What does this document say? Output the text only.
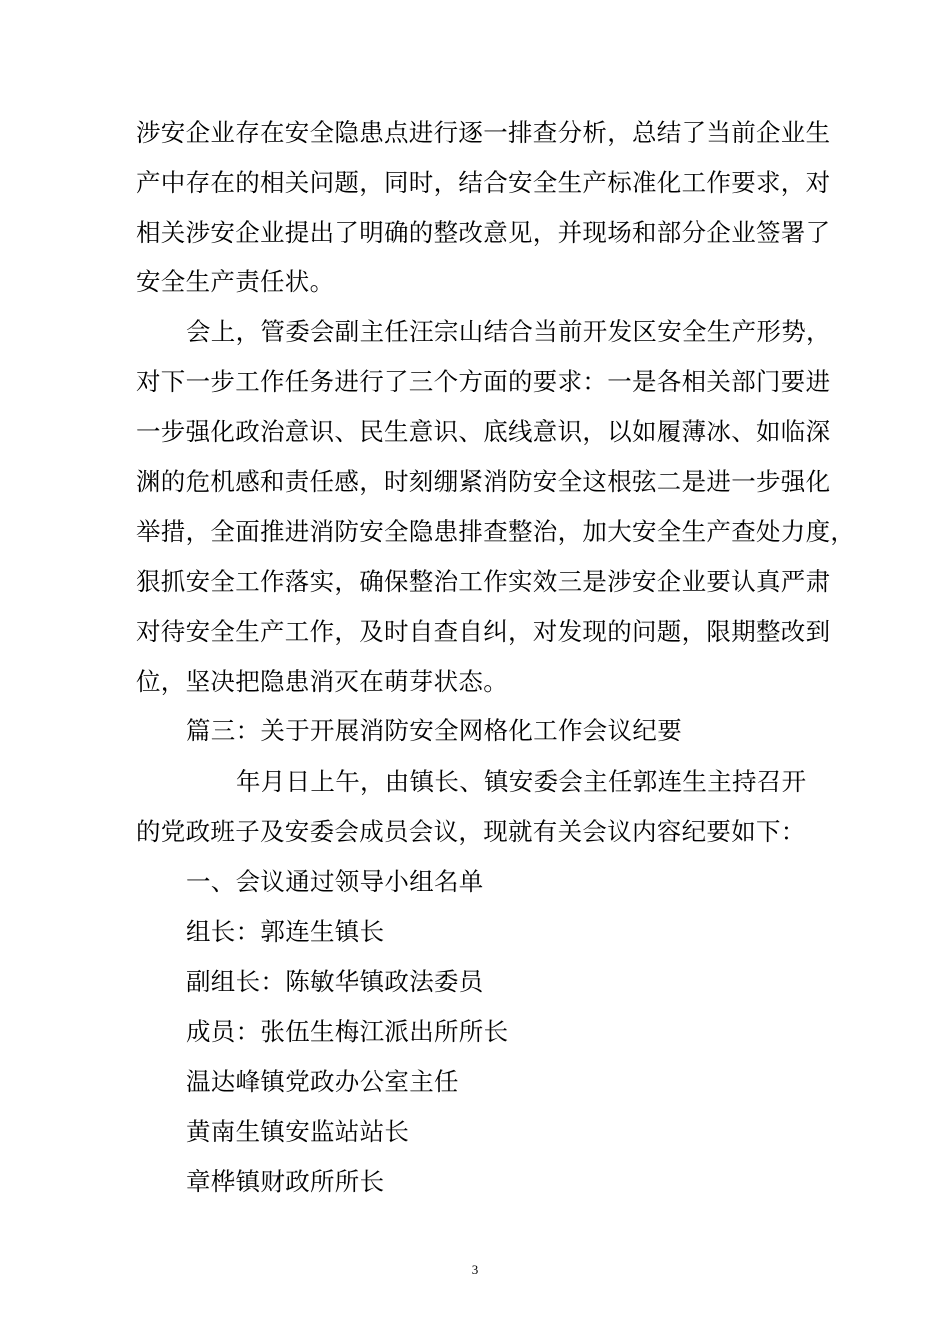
涉安企业存在安全隐患点进行逐一排查分析，总结了当前企业生
产中存在的相关问题，同时，结合安全生产标准化工作要求，对
相关涉安企业提出了明确的整改意见，并现场和部分企业签署了
安全生产责任状。
会上，管委会副主任汪宗山结合当前开发区安全生产形势，
对下一步工作任务进行了三个方面的要求：一是各相关部门要进
一步强化政治意识、民生意识、底线意识，以如履薄冰、如临深
渊的危机感和责任感，时刻绷紧消防安全这根弦二是进一步强化
举措，全面推进消防安全隐患排查整治，加大安全生产查处力度，
狠抓安全工作落实，确保整治工作实效三是涉安企业要认真严肃
对待安全生产工作，及时自查自纠，对发现的问题，限期整改到
位，坚决把隐患消灭在萌芽状态。
篇三：关于开展消防安全网格化工作会议纪要
年月日上午，由镇长、镇安委会主任郭连生主持召开
的党政班子及安委会成员会议，现就有关会议内容纪要如下：
一、会议通过领导小组名单
组长：郭连生镇长
副组长：陈敏华镇政法委员
成员：张伍生梅江派出所所长
温达峰镇党政办公室主任
黄南生镇安监站站长
章桦镇财政所所长
3
